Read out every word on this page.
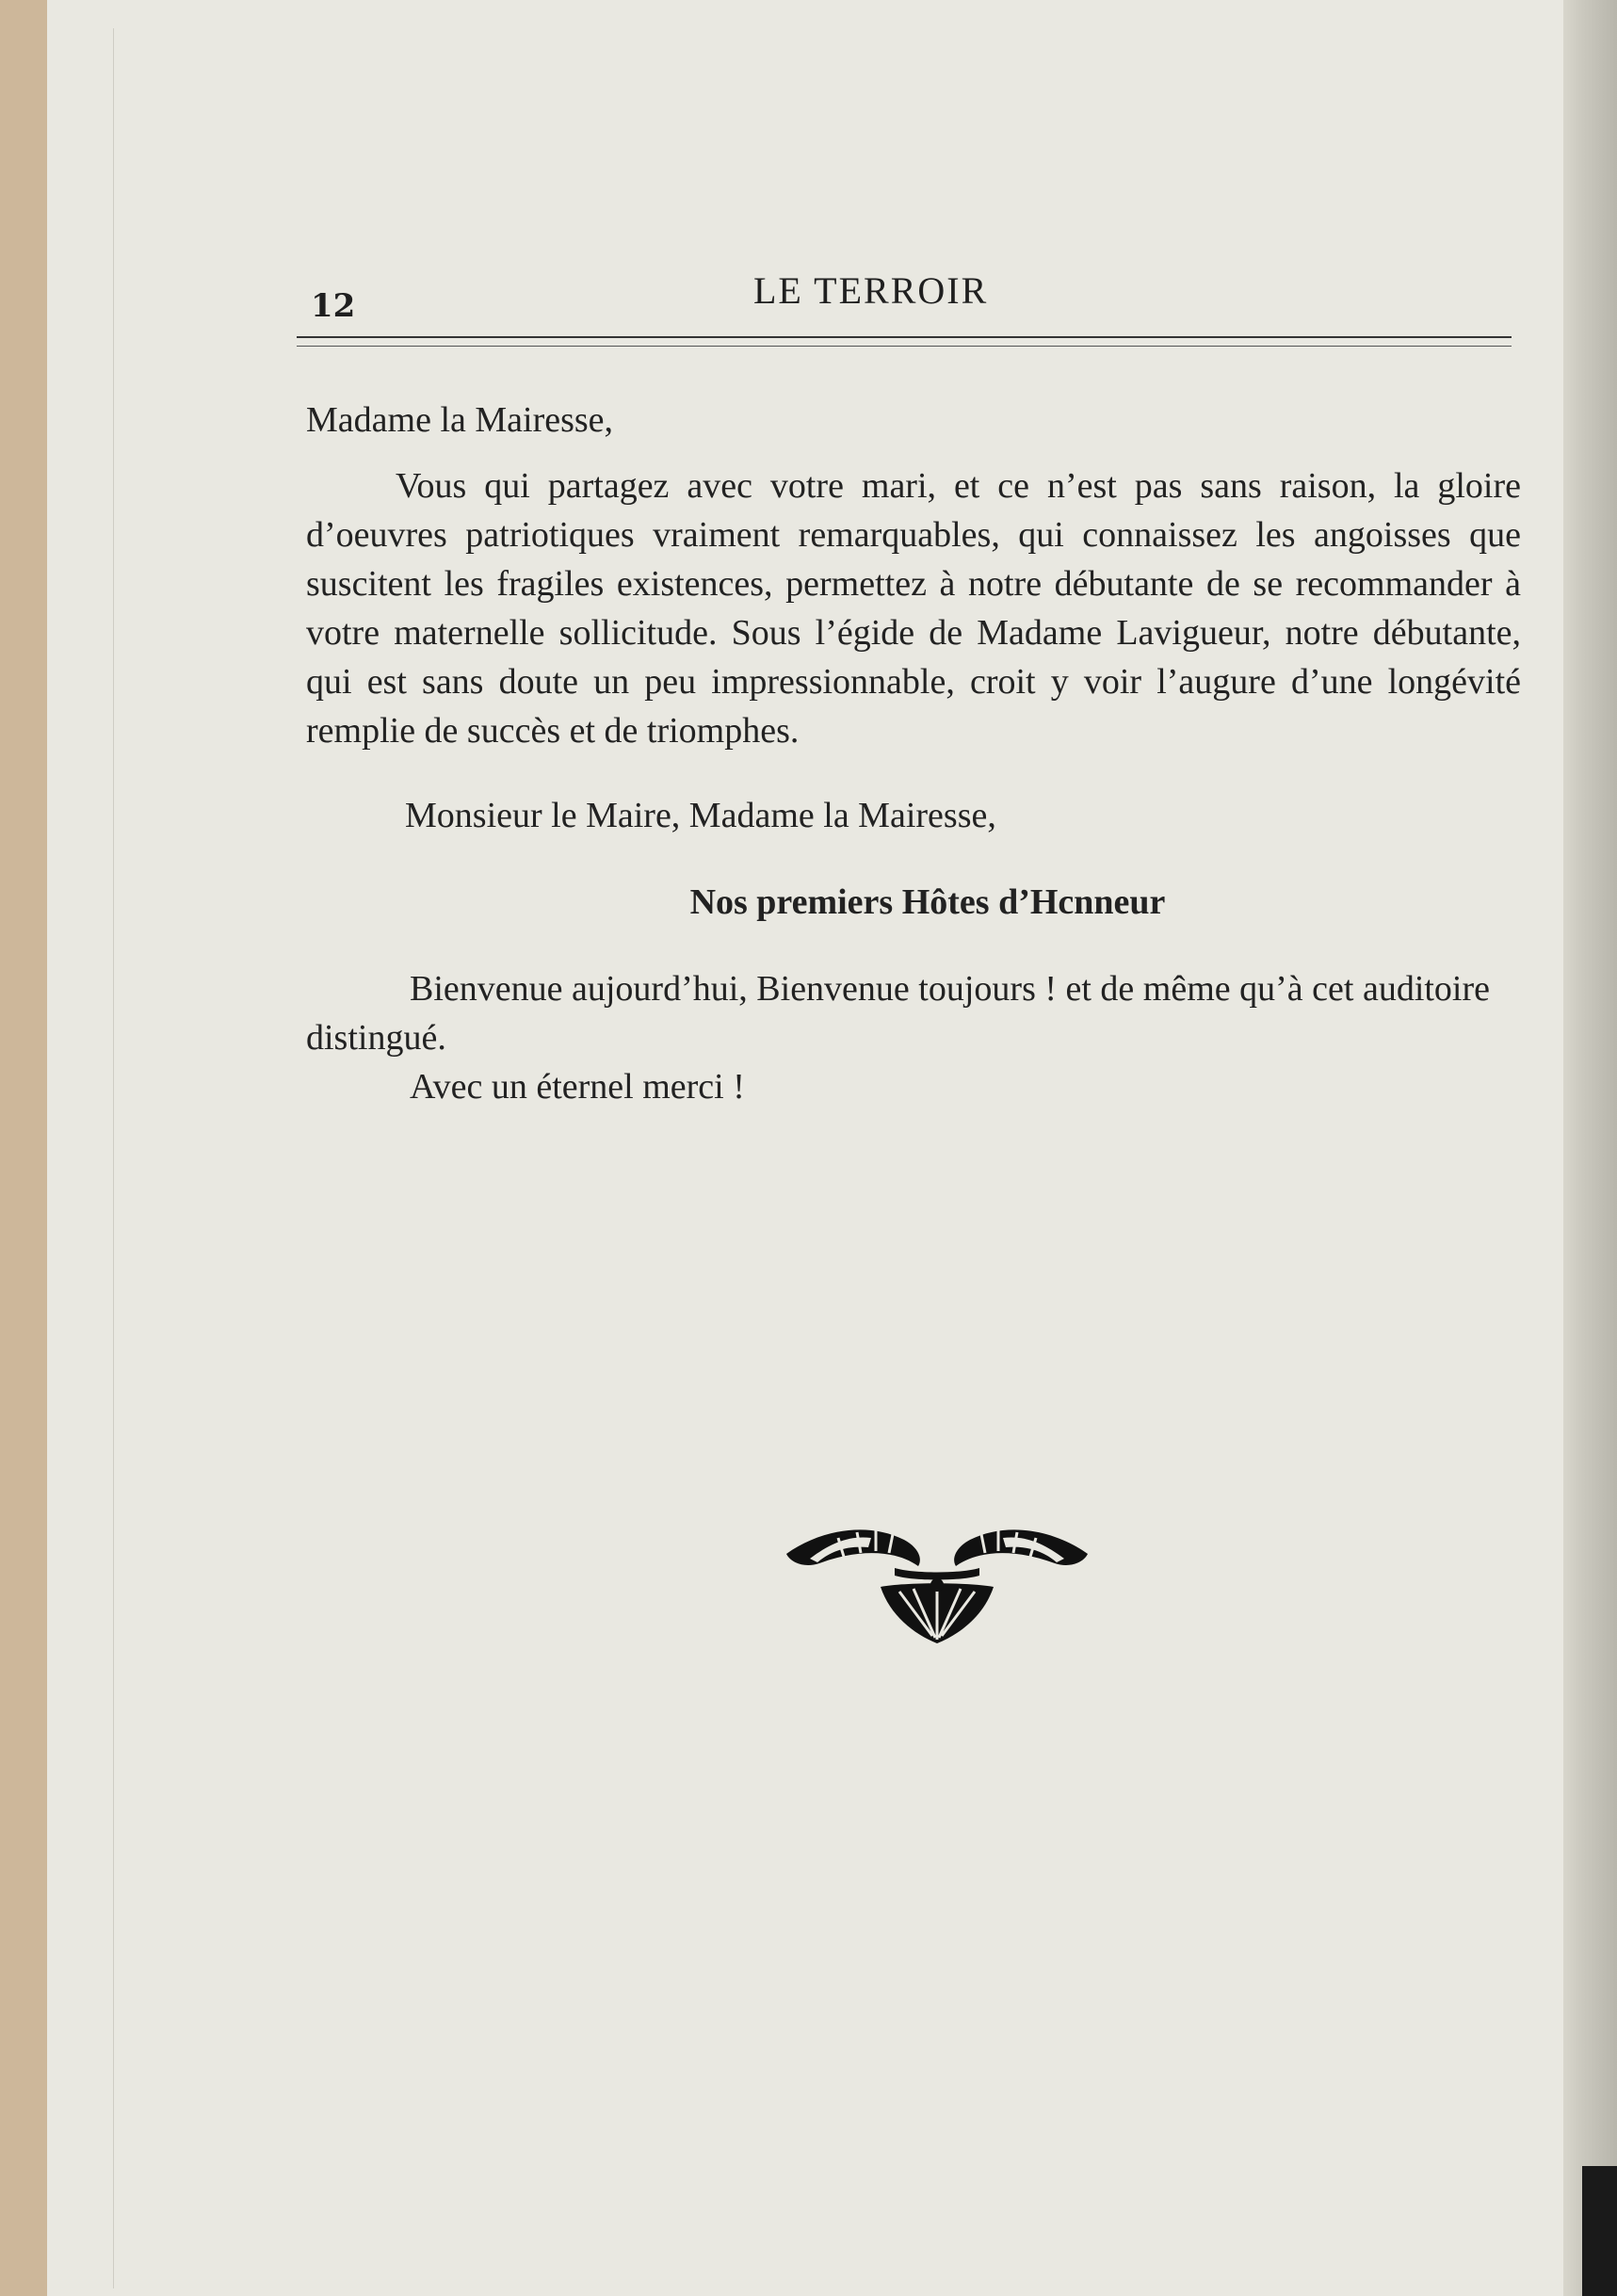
12	LE TERROIR

Madame la Mairesse,

Vous qui partagez avec votre mari, et ce n’est pas sans raison, la gloire d’oeuvres patriotiques vraiment remarquables, qui connaissez les angoisses que suscitent les fragiles existences, permettez à notre débutante de se recommander à votre maternelle sollicitude. Sous l’égide de Madame Lavigueur, notre débutante, qui est sans doute un peu impressionnable, croit y voir l’augure d’une longévité remplie de succès et de triomphes.

Monsieur le Maire, Madame la Mairesse,

Nos premiers Hôtes d’Hcnneur

Bienvenue aujourd’hui, Bienvenue toujours ! et de même qu’à cet auditoire distingué.

Avec un éternel merci !
